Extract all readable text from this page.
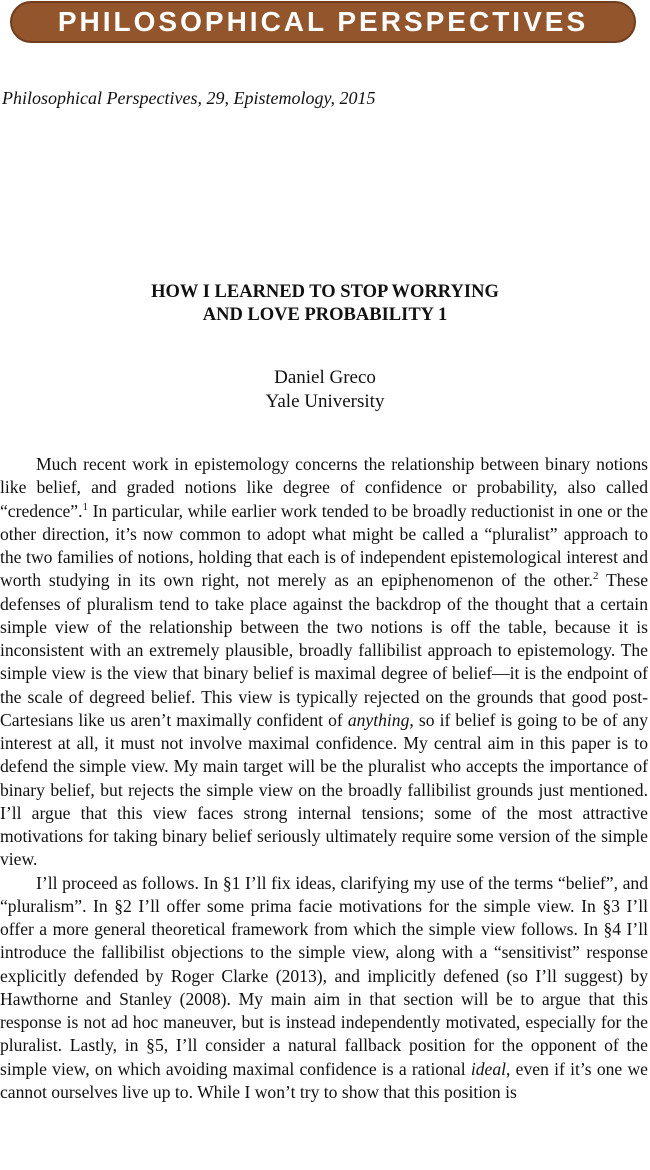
PHILOSOPHICAL PERSPECTIVES
Philosophical Perspectives, 29, Epistemology, 2015
HOW I LEARNED TO STOP WORRYING
AND LOVE PROBABILITY 1
Daniel Greco
Yale University

Much recent work in epistemology concerns the relationship between binary notions like belief, and graded notions like degree of confidence or probability, also called “credence”.$^1$ In particular, while earlier work tended to be broadly reductionist in one or the other direction, it’s now common to adopt what might be called a “pluralist” approach to the two families of notions, holding that each is of independent epistemological interest and worth studying in its own right, not merely as an epiphenomenon of the other.$^2$ These defenses of pluralism tend to take place against the backdrop of the thought that a certain simple view of the relationship between the two notions is off the table, because it is inconsistent with an extremely plausible, broadly fallibilist approach to epistemology. The simple view is the view that binary belief is maximal degree of belief—it is the endpoint of the scale of degreed belief. This view is typically rejected on the grounds that good post-Cartesians like us aren’t maximally confident of anything, so if belief is going to be of any interest at all, it must not involve maximal confidence. My central aim in this paper is to defend the simple view. My main target will be the pluralist who accepts the importance of binary belief, but rejects the simple view on the broadly fallibilist grounds just mentioned. I’ll argue that this view faces strong internal tensions; some of the most attractive motivations for taking binary belief seriously ultimately require some version of the simple view.

I’ll proceed as follows. In §1 I’ll fix ideas, clarifying my use of the terms “belief”, and “pluralism”. In §2 I’ll offer some prima facie motivations for the simple view. In §3 I’ll offer a more general theoretical framework from which the simple view follows. In §4 I’ll introduce the fallibilist objections to the simple view, along with a “sensitivist” response explicitly defended by Roger Clarke (2013), and implicitly defened (so I’ll suggest) by Hawthorne and Stanley (2008). My main aim in that section will be to argue that this response is not ad hoc maneuver, but is instead independently motivated, especially for the pluralist. Lastly, in §5, I’ll consider a natural fallback position for the opponent of the simple view, on which avoiding maximal confidence is a rational ideal, even if it’s one we cannot ourselves live up to. While I won’t try to show that this position is
